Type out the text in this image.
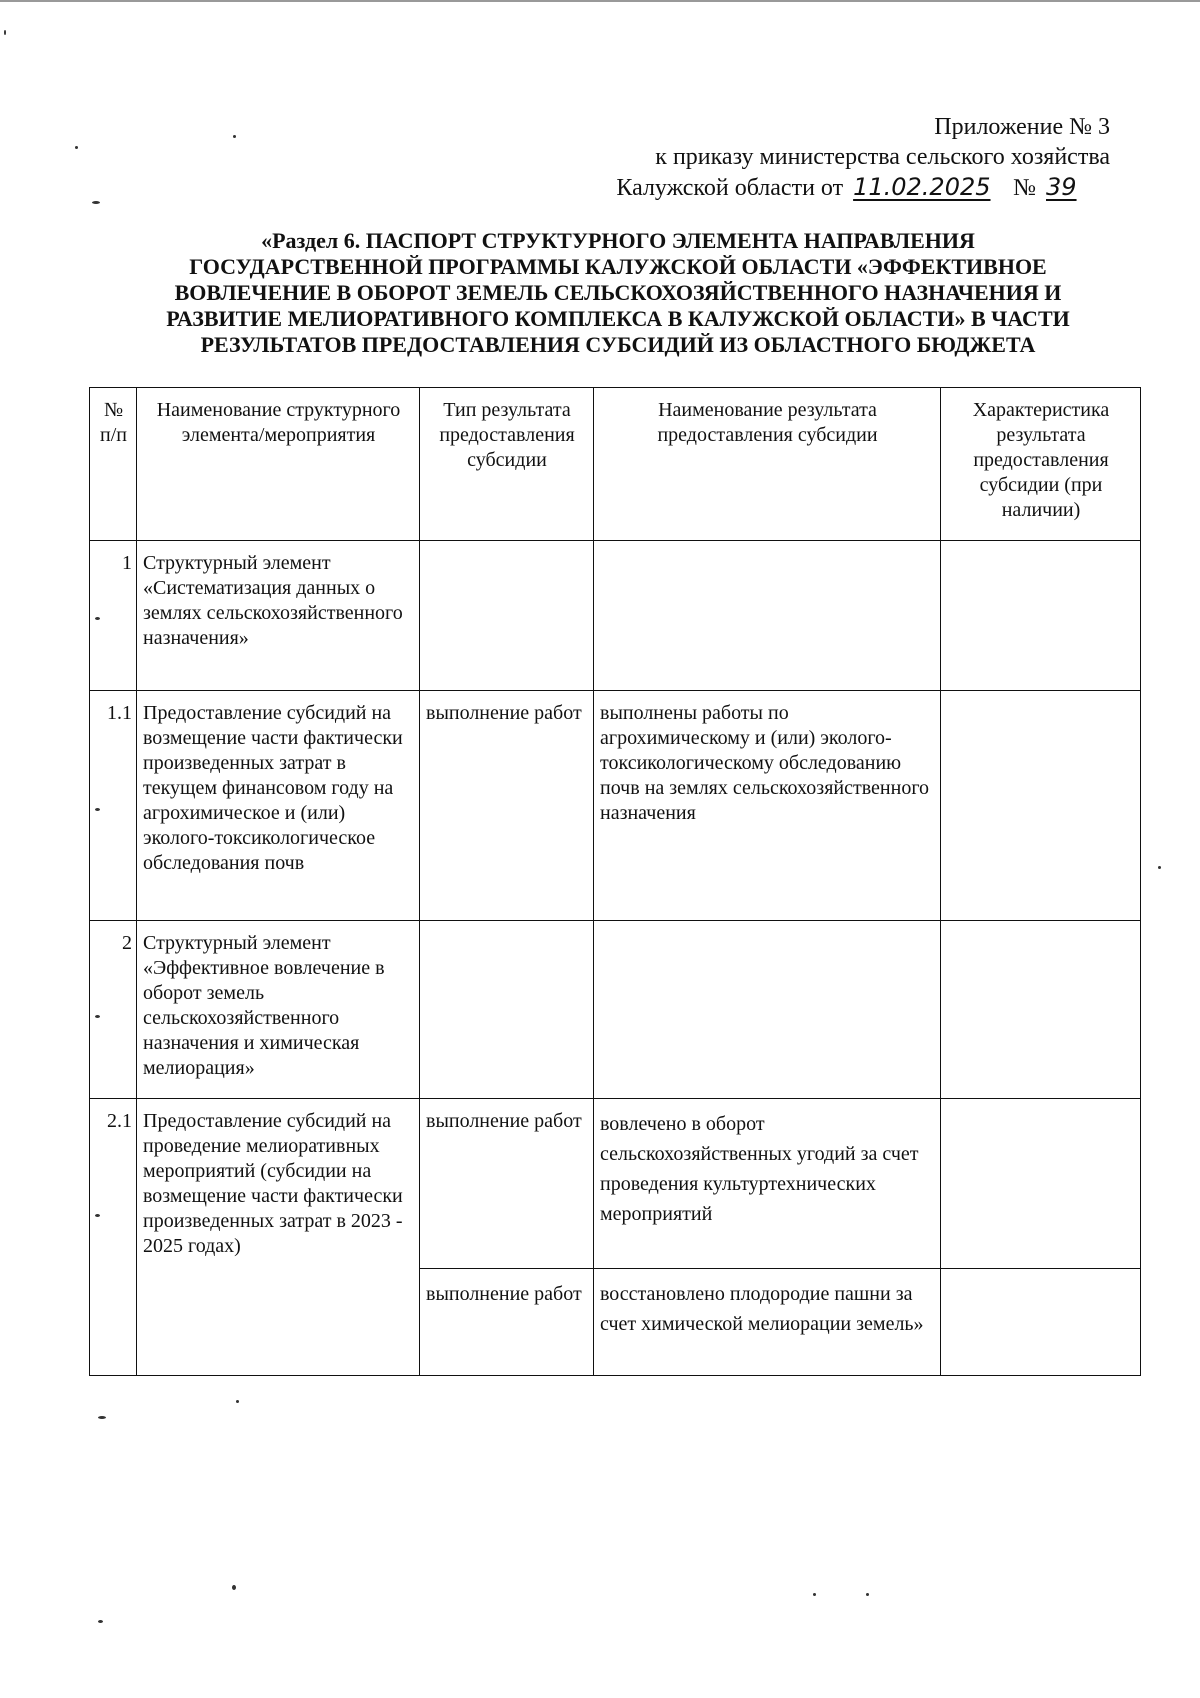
Приложение № 3
к приказу министерства сельского хозяйства
Калужской области от 11.02.2025 № 39
«Раздел 6. ПАСПОРТ СТРУКТУРНОГО ЭЛЕМЕНТА НАПРАВЛЕНИЯ
ГОСУДАРСТВЕННОЙ ПРОГРАММЫ КАЛУЖСКОЙ ОБЛАСТИ «ЭФФЕКТИВНОЕ
ВОВЛЕЧЕНИЕ В ОБОРОТ ЗЕМЕЛЬ СЕЛЬСКОХОЗЯЙСТВЕННОГО НАЗНАЧЕНИЯ И
РАЗВИТИЕ МЕЛИОРАТИВНОГО КОМПЛЕКСА В КАЛУЖСКОЙ ОБЛАСТИ» В ЧАСТИ
РЕЗУЛЬТАТОВ ПРЕДОСТАВЛЕНИЯ СУБСИДИЙ ИЗ ОБЛАСТНОГО БЮДЖЕТА
№ п/п	Наименование структурного элемента/мероприятия	Тип результата предоставления субсидии	Наименование результата предоставления субсидии	Характеристика результата предоставления субсидии (при наличии)
1	Структурный элемент «Систематизация данных о землях сельскохозяйственного назначения»			
1.1	Предоставление субсидий на возмещение части фактически произведенных затрат в текущем финансовом году на агрохимическое и (или) эколого-токсикологическое обследования почв	выполнение работ	выполнены работы по агрохимическому и (или) эколого-токсикологическому обследованию почв на землях сельскохозяйственного назначения	
2	Структурный элемент «Эффективное вовлечение в оборот земель сельскохозяйственного назначения и химическая мелиорация»			
2.1	Предоставление субсидий на проведение мелиоративных мероприятий (субсидии на возмещение части фактически произведенных затрат в 2023 - 2025 годах)	выполнение работ	вовлечено в оборот сельскохозяйственных угодий за счет проведения культуртехнических мероприятий	
		выполнение работ	восстановлено плодородие пашни за счет химической мелиорации земель»	
